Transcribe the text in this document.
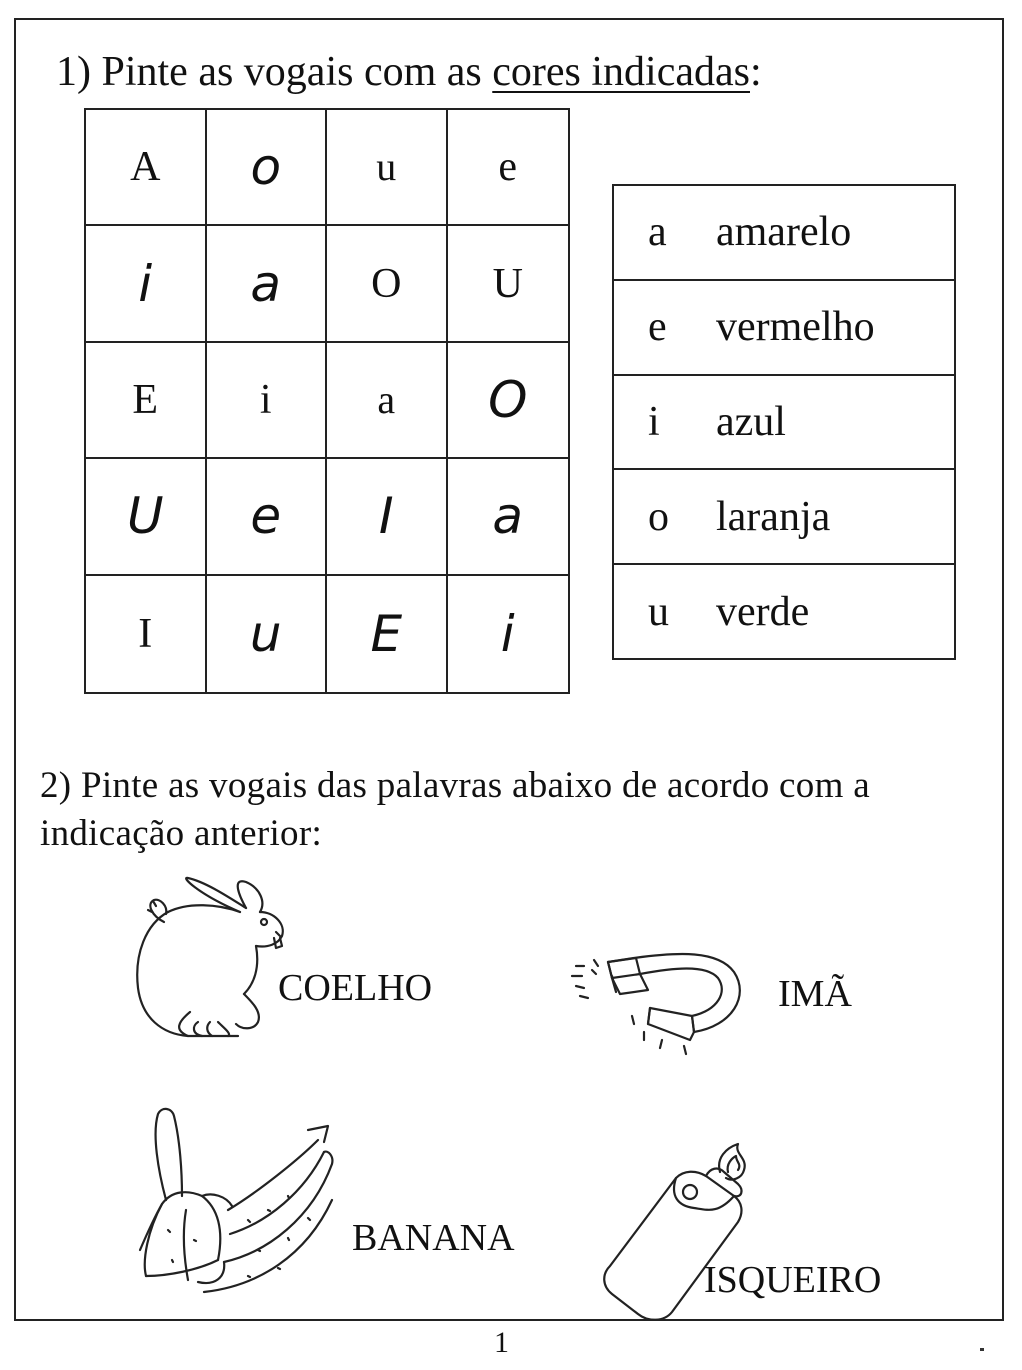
1) Pinte as vogais com as cores indicadas:
A	o	u	e
i	a	O	U
E	i	a	O
U	e	I	a
I	u	E	i
a	amarelo
e	vermelho
i	azul
o	laranja
u	verde
2) Pinte as vogais das palavras abaixo de acordo com a indicação anterior:
COELHO	IMÃ
BANANA
ISQUEIRO
1
